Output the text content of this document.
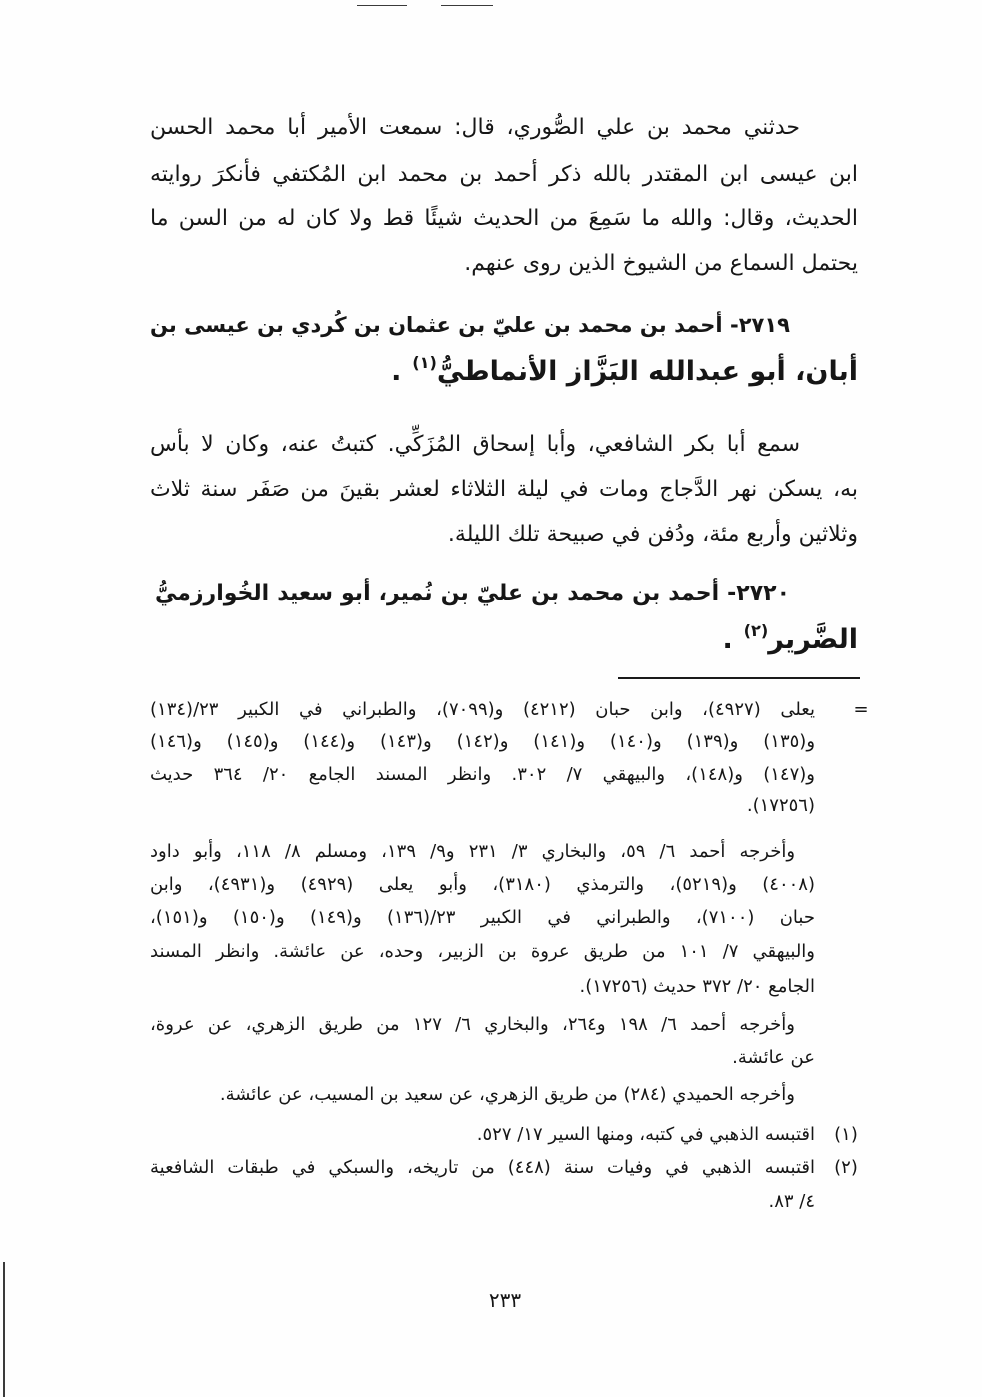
حدثني محمد بن علي الصُّوري، قال: سمعت الأمير أبا محمد الحسن
ابن عيسى ابن المقتدر بالله ذكر أحمد بن محمد ابن المُكتفي فأنكرَ روايته
الحديث، وقال: والله ما سَمِعَ من الحديث شيئًا قط ولا كان له من السن ما
يحتمل السماع من الشيوخ الذين روى عنهم.
٢٧١٩- أحمد بن محمد بن عليّ بن عثمان بن كُردي بن عيسى بن
أبان، أبو عبدالله البَزَّاز الأنماطيُّ$^{(١)}$.
سمع أبا بكر الشافعي، وأبا إسحاق المُزَكِّي. كتبتُ عنه، وكان لا بأس
به، يسكن نهر الدَّجاج ومات في ليلة الثلاثاء لعشر بقينَ من صَفَر سنة ثلاث
وثلاثين وأربع مئة، ودُفن في صبيحة تلك الليلة.
٢٧٢٠- أحمد بن محمد بن عليّ بن نُمير، أبو سعيد الخُوارزميُّ
الضَّرير$^{(٢)}$.
=
يعلى (٤٩٢٧)، وابن حبان (٤٢١٢) و(٧٠٩٩)، والطبراني في الكبير ٢٣/(١٣٤)
و(١٣٥) و(١٣٩) و(١٤٠) و(١٤١) و(١٤٢) و(١٤٣) و(١٤٤) و(١٤٥) و(١٤٦)
و(١٤٧) و(١٤٨)، والبيهقي ٧/ ٣٠٢. وانظر المسند الجامع ٢٠/ ٣٦٤ حديث
(١٧٢٥٦).
وأخرجه أحمد ٦/ ٥٩، والبخاري ٣/ ٢٣١ و٩/ ١٣٩، ومسلم ٨/ ١١٨، وأبو داود
(٤٠٠٨) و(٥٢١٩)، والترمذي (٣١٨٠)، وأبو يعلى (٤٩٢٩) و(٤٩٣١)، وابن
حبان (٧١٠٠)، والطبراني في الكبير ٢٣/(١٣٦) و(١٤٩) و(١٥٠) و(١٥١)،
والبيهقي ٧/ ١٠١ من طريق عروة بن الزبير، وحده، عن عائشة. وانظر المسند
الجامع ٢٠/ ٣٧٢ حديث (١٧٢٥٦).
وأخرجه أحمد ٦/ ١٩٨ و٢٦٤، والبخاري ٦/ ١٢٧ من طريق الزهري، عن عروة،
عن عائشة.
وأخرجه الحميدي (٢٨٤) من طريق الزهري، عن سعيد بن المسيب، عن عائشة.
(١)
اقتبسه الذهبي في كتبه، ومنها السير ١٧/ ٥٢٧.
(٢)
اقتبسه الذهبي في وفيات سنة (٤٤٨) من تاريخه، والسبكي في طبقات الشافعية
٤/ ٨٣.
٢٣٣
